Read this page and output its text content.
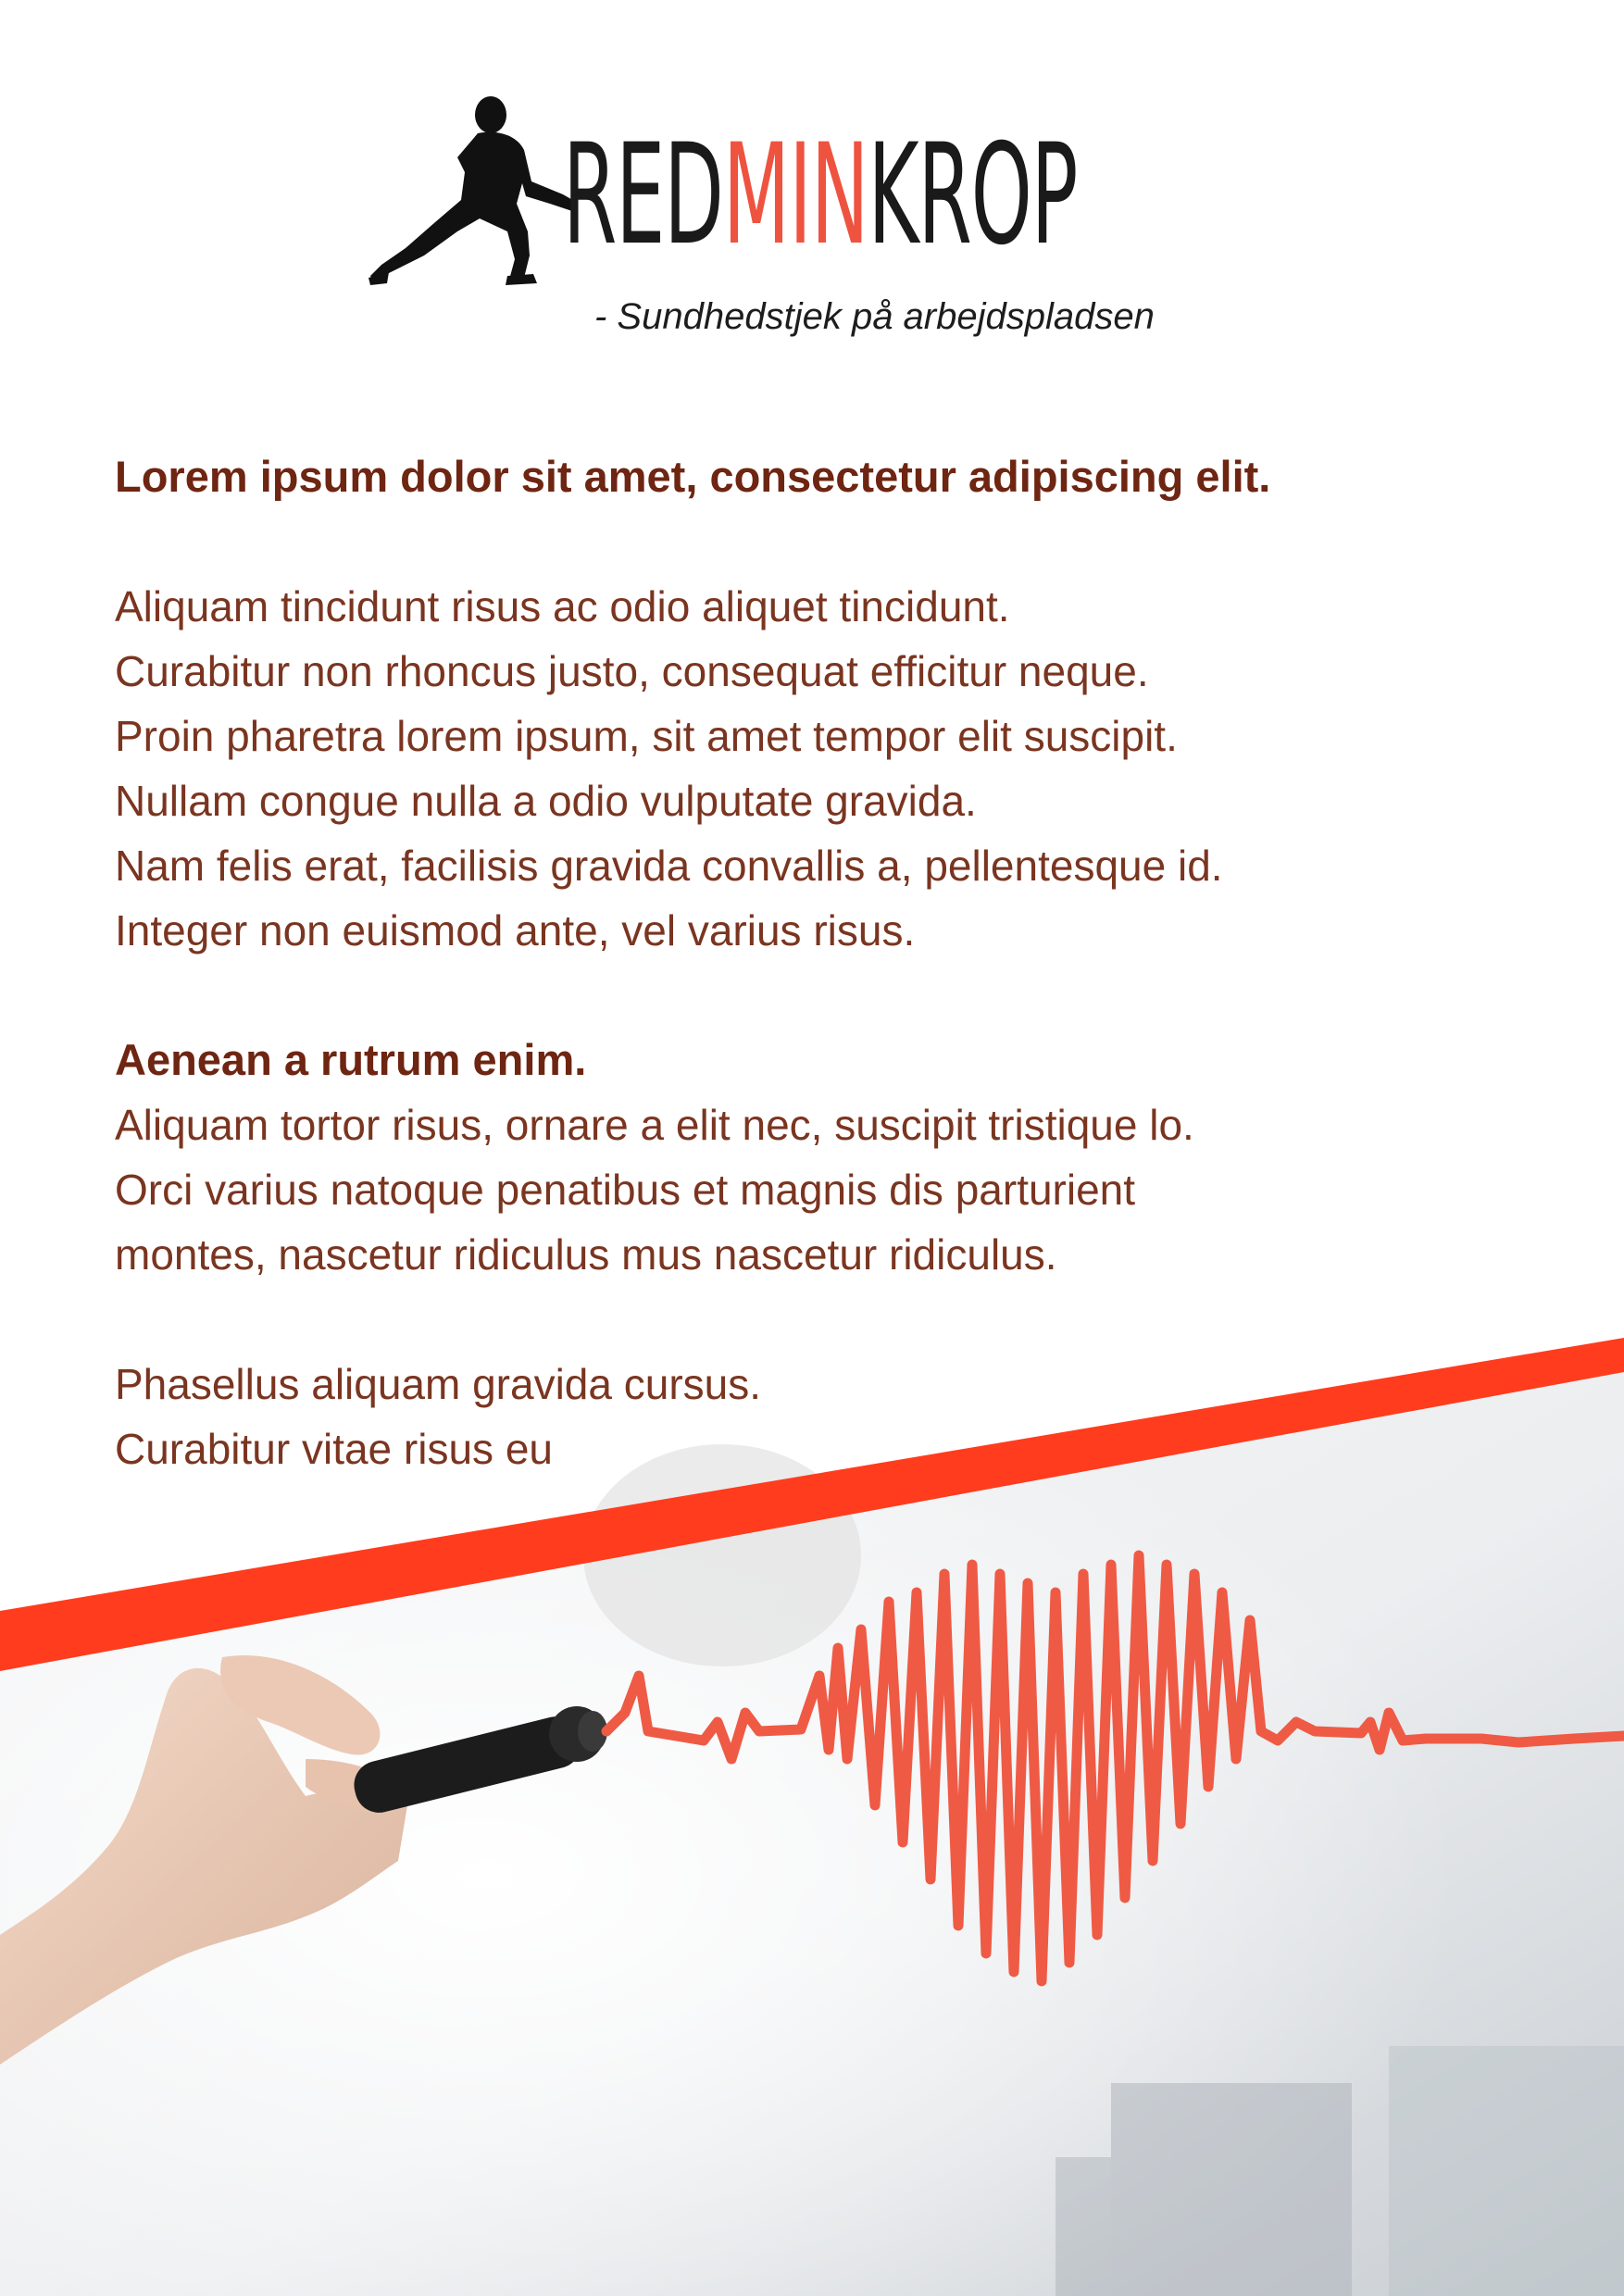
REDMINKROP
- Sundhedstjek på arbejdspladsen

Lorem ipsum dolor sit amet, consectetur adipiscing elit.

Aliquam tincidunt risus ac odio aliquet tincidunt.

Curabitur non rhoncus justo, consequat efficitur neque.

Proin pharetra lorem ipsum, sit amet tempor elit suscipit.

Nullam congue nulla a odio vulputate gravida.

Nam felis erat, facilisis gravida convallis a, pellentesque id.

Integer non euismod ante, vel varius risus.

Aenean a rutrum enim.

Aliquam tortor risus, ornare a elit nec, suscipit tristique lo.

Orci varius natoque penatibus et magnis dis parturient

montes, nascetur ridiculus mus nascetur ridiculus.

Phasellus aliquam gravida cursus.

Curabitur vitae risus eu
